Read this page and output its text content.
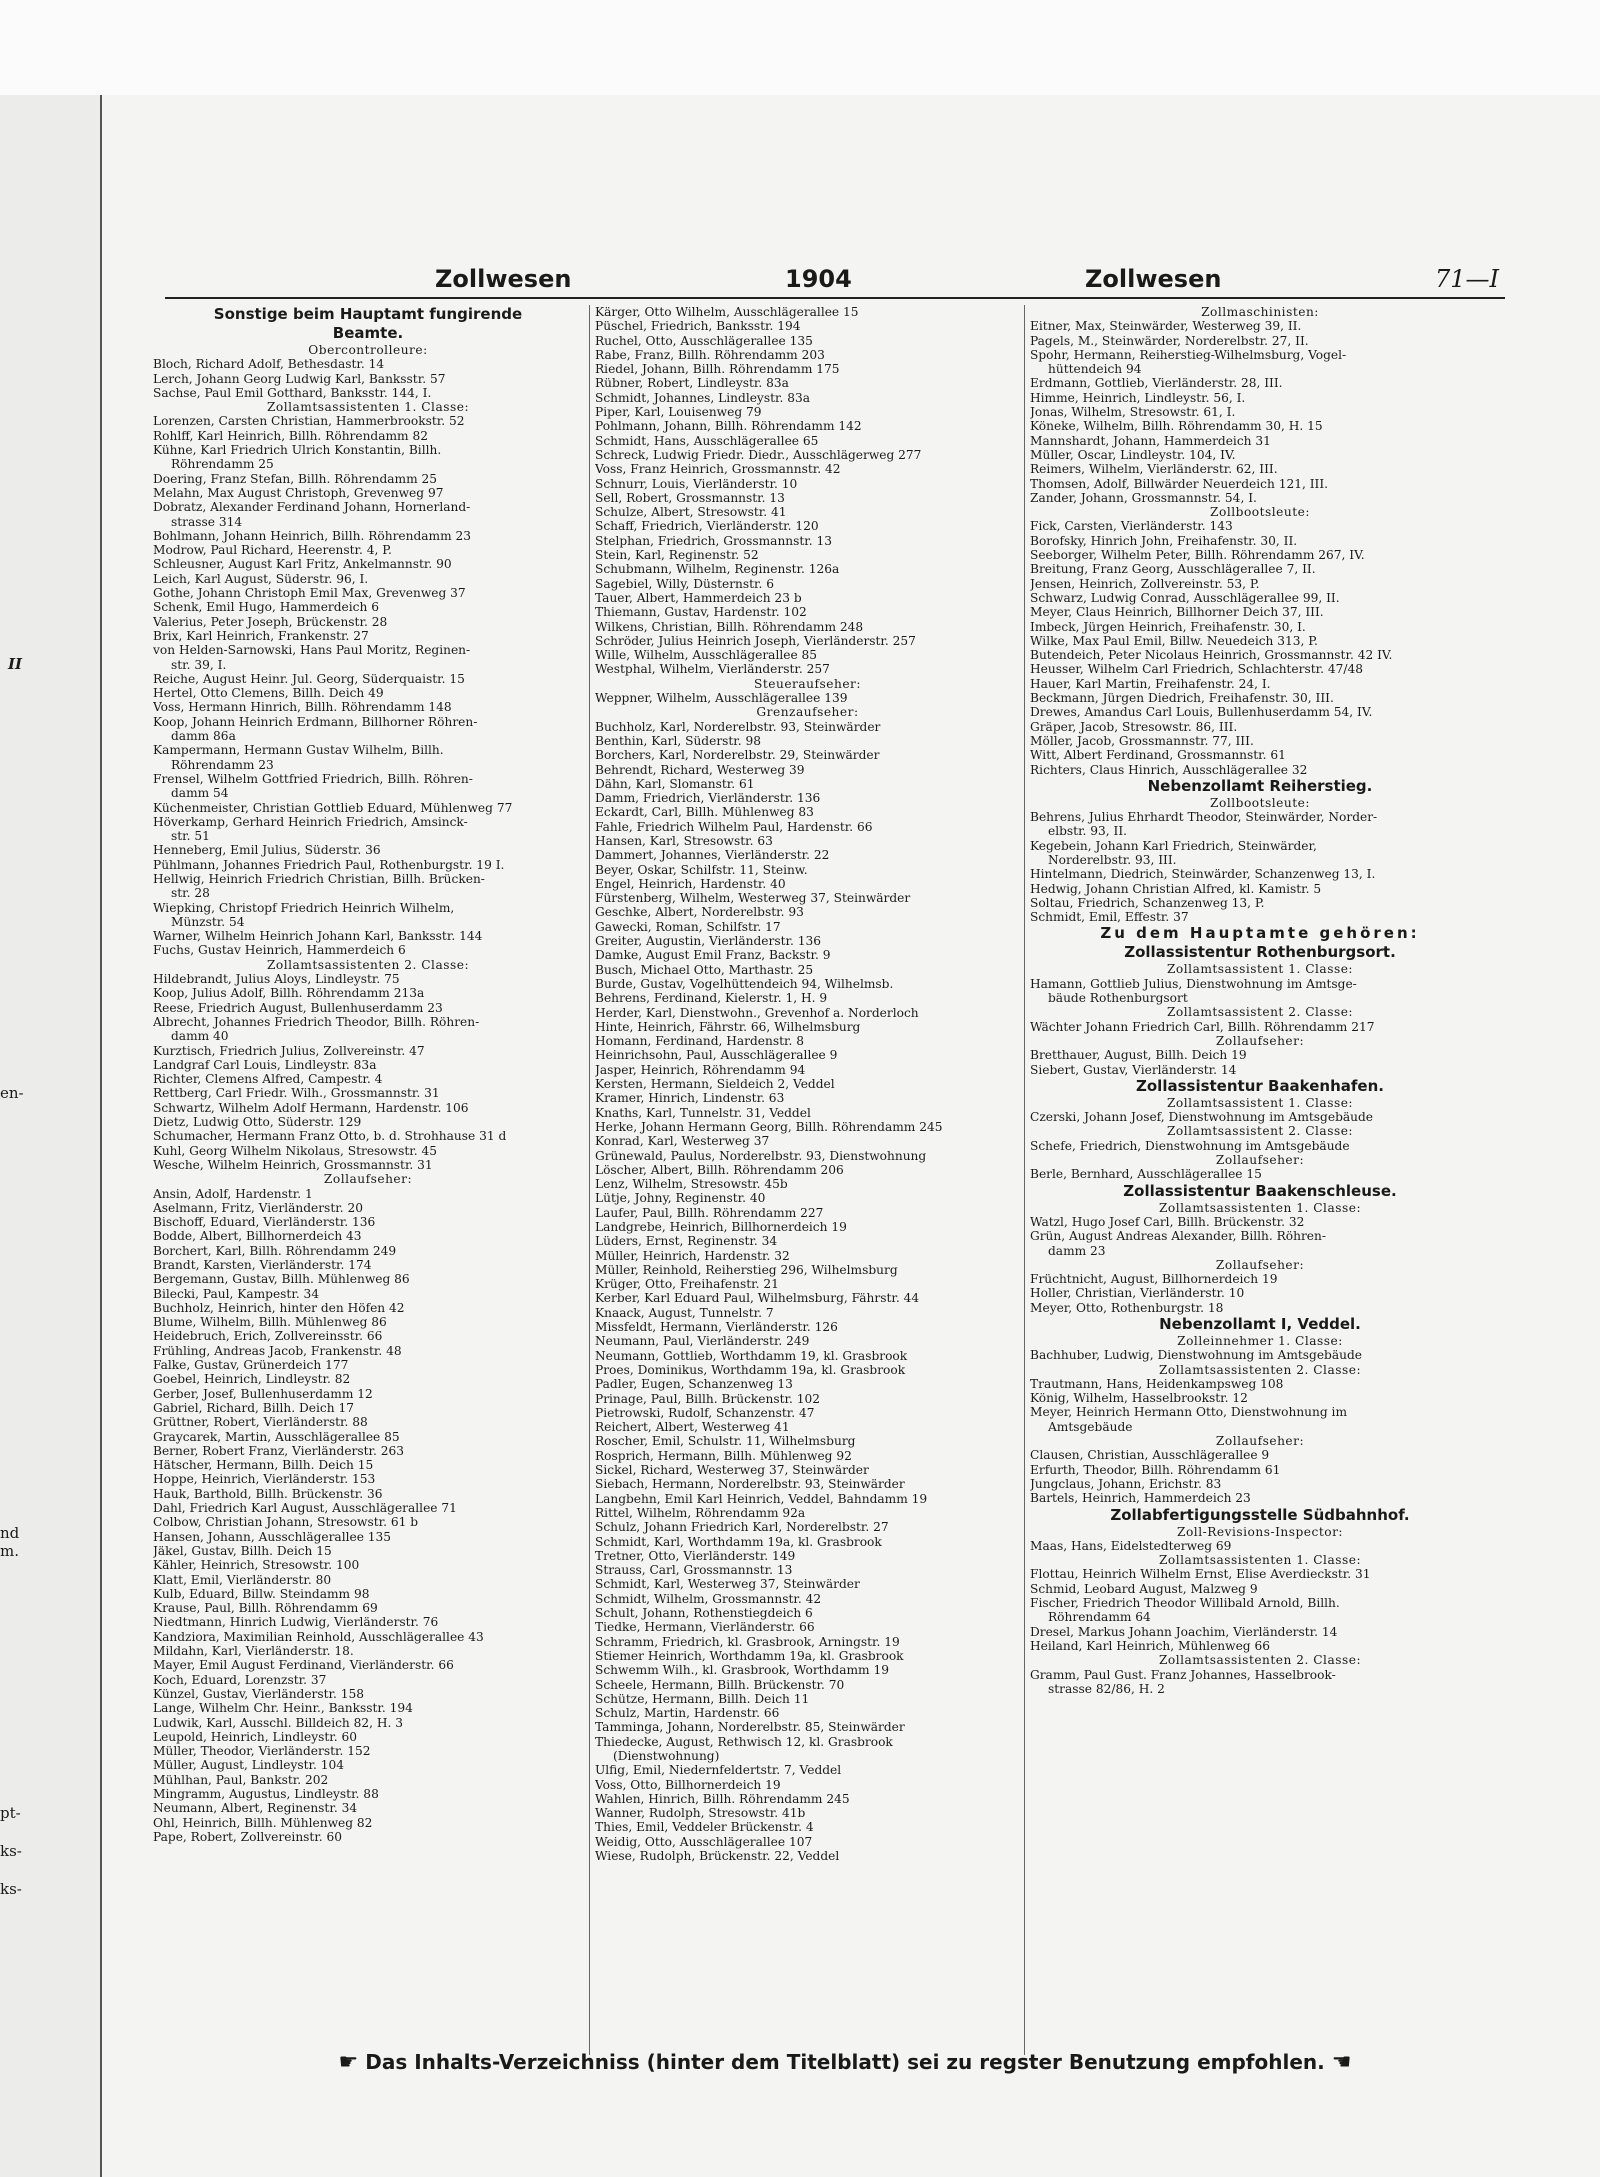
II
en-
nd
m.
pt-
ks-
ks-
Zollwesen	1904	Zollwesen	71—I
Sonstige beim Hauptamt fungirende
Beamte.
Obercontrolleure:
Bloch, Richard Adolf, Bethesdastr. 14
Lerch, Johann Georg Ludwig Karl, Banksstr. 57
Sachse, Paul Emil Gotthard, Banksstr. 144, I.
Zollamtsassistenten 1. Classe:
Lorenzen, Carsten Christian, Hammerbrookstr. 52
Rohlff, Karl Heinrich, Billh. Röhrendamm 82
Kühne, Karl Friedrich Ulrich Konstantin, Billh.
Röhrendamm 25
Doering, Franz Stefan, Billh. Röhrendamm 25
Melahn, Max August Christoph, Grevenweg 97
Dobratz, Alexander Ferdinand Johann, Hornerland-
strasse 314
Bohlmann, Johann Heinrich, Billh. Röhrendamm 23
Modrow, Paul Richard, Heerenstr. 4, P.
Schleusner, August Karl Fritz, Ankelmannstr. 90
Leich, Karl August, Süderstr. 96, I.
Gothe, Johann Christoph Emil Max, Grevenweg 37
Schenk, Emil Hugo, Hammerdeich 6
Valerius, Peter Joseph, Brückenstr. 28
Brix, Karl Heinrich, Frankenstr. 27
von Helden-Sarnowski, Hans Paul Moritz, Reginen-
str. 39, I.
Reiche, August Heinr. Jul. Georg, Süderquaistr. 15
Hertel, Otto Clemens, Billh. Deich 49
Voss, Hermann Hinrich, Billh. Röhrendamm 148
Koop, Johann Heinrich Erdmann, Billhorner Röhren-
damm 86a
Kampermann, Hermann Gustav Wilhelm, Billh.
Röhrendamm 23
Frensel, Wilhelm Gottfried Friedrich, Billh. Röhren-
damm 54
Küchenmeister, Christian Gottlieb Eduard, Mühlenweg 77
Höverkamp, Gerhard Heinrich Friedrich, Amsinck-
str. 51
Henneberg, Emil Julius, Süderstr. 36
Pühlmann, Johannes Friedrich Paul, Rothenburgstr. 19 I.
Hellwig, Heinrich Friedrich Christian, Billh. Brücken-
str. 28
Wiepking, Christopf Friedrich Heinrich Wilhelm,
Münzstr. 54
Warner, Wilhelm Heinrich Johann Karl, Banksstr. 144
Fuchs, Gustav Heinrich, Hammerdeich 6
Zollamtsassistenten 2. Classe:
Hildebrandt, Julius Aloys, Lindleystr. 75
Koop, Julius Adolf, Billh. Röhrendamm 213a
Reese, Friedrich August, Bullenhuserdamm 23
Albrecht, Johannes Friedrich Theodor, Billh. Röhren-
damm 40
Kurztisch, Friedrich Julius, Zollvereinstr. 47
Landgraf Carl Louis, Lindleystr. 83a
Richter, Clemens Alfred, Campestr. 4
Rettberg, Carl Friedr. Wilh., Grossmannstr. 31
Schwartz, Wilhelm Adolf Hermann, Hardenstr. 106
Dietz, Ludwig Otto, Süderstr. 129
Schumacher, Hermann Franz Otto, b. d. Strohhause 31 d
Kuhl, Georg Wilhelm Nikolaus, Stresowstr. 45
Wesche, Wilhelm Heinrich, Grossmannstr. 31
Zollaufseher:
Ansin, Adolf, Hardenstr. 1
Aselmann, Fritz, Vierländerstr. 20
Bischoff, Eduard, Vierländerstr. 136
Bodde, Albert, Billhornerdeich 43
Borchert, Karl, Billh. Röhrendamm 249
Brandt, Karsten, Vierländerstr. 174
Bergemann, Gustav, Billh. Mühlenweg 86
Bilecki, Paul, Kampestr. 34
Buchholz, Heinrich, hinter den Höfen 42
Blume, Wilhelm, Billh. Mühlenweg 86
Heidebruch, Erich, Zollvereinsstr. 66
Frühling, Andreas Jacob, Frankenstr. 48
Falke, Gustav, Grünerdeich 177
Goebel, Heinrich, Lindleystr. 82
Gerber, Josef, Bullenhuserdamm 12
Gabriel, Richard, Billh. Deich 17
Grüttner, Robert, Vierländerstr. 88
Graycarek, Martin, Ausschlägerallee 85
Berner, Robert Franz, Vierländerstr. 263
Hätscher, Hermann, Billh. Deich 15
Hoppe, Heinrich, Vierländerstr. 153
Hauk, Barthold, Billh. Brückenstr. 36
Dahl, Friedrich Karl August, Ausschlägerallee 71
Colbow, Christian Johann, Stresowstr. 61 b
Hansen, Johann, Ausschlägerallee 135
Jäkel, Gustav, Billh. Deich 15
Kähler, Heinrich, Stresowstr. 100
Klatt, Emil, Vierländerstr. 80
Kulb, Eduard, Billw. Steindamm 98
Krause, Paul, Billh. Röhrendamm 69
Niedtmann, Hinrich Ludwig, Vierländerstr. 76
Kandziora, Maximilian Reinhold, Ausschlägerallee 43
Mildahn, Karl, Vierländerstr. 18.
Mayer, Emil August Ferdinand, Vierländerstr. 66
Koch, Eduard, Lorenzstr. 37
Künzel, Gustav, Vierländerstr. 158
Lange, Wilhelm Chr. Heinr., Banksstr. 194
Ludwik, Karl, Ausschl. Billdeich 82, H. 3
Leupold, Heinrich, Lindleystr. 60
Müller, Theodor, Vierländerstr. 152
Müller, August, Lindleystr. 104
Mühlhan, Paul, Bankstr. 202
Mingramm, Augustus, Lindleystr. 88
Neumann, Albert, Reginenstr. 34
Ohl, Heinrich, Billh. Mühlenweg 82
Pape, Robert, Zollvereinstr. 60
Kärger, Otto Wilhelm, Ausschlägerallee 15
Püschel, Friedrich, Banksstr. 194
Ruchel, Otto, Ausschlägerallee 135
Rabe, Franz, Billh. Röhrendamm 203
Riedel, Johann, Billh. Röhrendamm 175
Rübner, Robert, Lindleystr. 83a
Schmidt, Johannes, Lindleystr. 83a
Piper, Karl, Louisenweg 79
Pohlmann, Johann, Billh. Röhrendamm 142
Schmidt, Hans, Ausschlägerallee 65
Schreck, Ludwig Friedr. Diedr., Ausschlägerweg 277
Voss, Franz Heinrich, Grossmannstr. 42
Schnurr, Louis, Vierländerstr. 10
Sell, Robert, Grossmannstr. 13
Schulze, Albert, Stresowstr. 41
Schaff, Friedrich, Vierländerstr. 120
Stelphan, Friedrich, Grossmannstr. 13
Stein, Karl, Reginenstr. 52
Schubmann, Wilhelm, Reginenstr. 126a
Sagebiel, Willy, Düsternstr. 6
Tauer, Albert, Hammerdeich 23 b
Thiemann, Gustav, Hardenstr. 102
Wilkens, Christian, Billh. Röhrendamm 248
Schröder, Julius Heinrich Joseph, Vierländerstr. 257
Wille, Wilhelm, Ausschlägerallee 85
Westphal, Wilhelm, Vierländerstr. 257
Steueraufseher:
Weppner, Wilhelm, Ausschlägerallee 139
Grenzaufseher:
Buchholz, Karl, Norderelbstr. 93, Steinwärder
Benthin, Karl, Süderstr. 98
Borchers, Karl, Norderelbstr. 29, Steinwärder
Behrendt, Richard, Westerweg 39
Dähn, Karl, Slomanstr. 61
Damm, Friedrich, Vierländerstr. 136
Eckardt, Carl, Billh. Mühlenweg 83
Fahle, Friedrich Wilhelm Paul, Hardenstr. 66
Hansen, Karl, Stresowstr. 63
Dammert, Johannes, Vierländerstr. 22
Beyer, Oskar, Schilfstr. 11, Steinw.
Engel, Heinrich, Hardenstr. 40
Fürstenberg, Wilhelm, Westerweg 37, Steinwärder
Geschke, Albert, Norderelbstr. 93
Gawecki, Roman, Schilfstr. 17
Greiter, Augustin, Vierländerstr. 136
Damke, August Emil Franz, Backstr. 9
Busch, Michael Otto, Marthastr. 25
Burde, Gustav, Vogelhüttendeich 94, Wilhelmsb.
Behrens, Ferdinand, Kielerstr. 1, H. 9
Herder, Karl, Dienstwohn., Grevenhof a. Norderloch
Hinte, Heinrich, Fährstr. 66, Wilhelmsburg
Homann, Ferdinand, Hardenstr. 8
Heinrichsohn, Paul, Ausschlägerallee 9
Jasper, Heinrich, Röhrendamm 94
Kersten, Hermann, Sieldeich 2, Veddel
Kramer, Hinrich, Lindenstr. 63
Knaths, Karl, Tunnelstr. 31, Veddel
Herke, Johann Hermann Georg, Billh. Röhrendamm 245
Konrad, Karl, Westerweg 37
Grünewald, Paulus, Norderelbstr. 93, Dienstwohnung
Löscher, Albert, Billh. Röhrendamm 206
Lenz, Wilhelm, Stresowstr. 45b
Lütje, Johny, Reginenstr. 40
Laufer, Paul, Billh. Röhrendamm 227
Landgrebe, Heinrich, Billhornerdeich 19
Lüders, Ernst, Reginenstr. 34
Müller, Heinrich, Hardenstr. 32
Müller, Reinhold, Reiherstieg 296, Wilhelmsburg
Krüger, Otto, Freihafenstr. 21
Kerber, Karl Eduard Paul, Wilhelmsburg, Fährstr. 44
Knaack, August, Tunnelstr. 7
Missfeldt, Hermann, Vierländerstr. 126
Neumann, Paul, Vierländerstr. 249
Neumann, Gottlieb, Worthdamm 19, kl. Grasbrook
Proes, Dominikus, Worthdamm 19a, kl. Grasbrook
Padler, Eugen, Schanzenweg 13
Prinage, Paul, Billh. Brückenstr. 102
Pietrowski, Rudolf, Schanzenstr. 47
Reichert, Albert, Westerweg 41
Roscher, Emil, Schulstr. 11, Wilhelmsburg
Rosprich, Hermann, Billh. Mühlenweg 92
Sickel, Richard, Westerweg 37, Steinwärder
Siebach, Hermann, Norderelbstr. 93, Steinwärder
Langbehn, Emil Karl Heinrich, Veddel, Bahndamm 19
Rittel, Wilhelm, Röhrendamm 92a
Schulz, Johann Friedrich Karl, Norderelbstr. 27
Schmidt, Karl, Worthdamm 19a, kl. Grasbrook
Tretner, Otto, Vierländerstr. 149
Strauss, Carl, Grossmannstr. 13
Schmidt, Karl, Westerweg 37, Steinwärder
Schmidt, Wilhelm, Grossmannstr. 42
Schult, Johann, Rothenstiegdeich 6
Tiedke, Hermann, Vierländerstr. 66
Schramm, Friedrich, kl. Grasbrook, Arningstr. 19
Stiemer Heinrich, Worthdamm 19a, kl. Grasbrook
Schwemm Wilh., kl. Grasbrook, Worthdamm 19
Scheele, Hermann, Billh. Brückenstr. 70
Schütze, Hermann, Billh. Deich 11
Schulz, Martin, Hardenstr. 66
Tamminga, Johann, Norderelbstr. 85, Steinwärder
Thiedecke, August, Rethwisch 12, kl. Grasbrook
(Dienstwohnung)
Ulfig, Emil, Niedernfeldertstr. 7, Veddel
Voss, Otto, Billhornerdeich 19
Wahlen, Hinrich, Billh. Röhrendamm 245
Wanner, Rudolph, Stresowstr. 41b
Thies, Emil, Veddeler Brückenstr. 4
Weidig, Otto, Ausschlägerallee 107
Wiese, Rudolph, Brückenstr. 22, Veddel
Zollmaschinisten:
Eitner, Max, Steinwärder, Westerweg 39, II.
Pagels, M., Steinwärder, Norderelbstr. 27, II.
Spohr, Hermann, Reiherstieg-Wilhelmsburg, Vogel-
hüttendeich 94
Erdmann, Gottlieb, Vierländerstr. 28, III.
Himme, Heinrich, Lindleystr. 56, I.
Jonas, Wilhelm, Stresowstr. 61, I.
Köneke, Wilhelm, Billh. Röhrendamm 30, H. 15
Mannshardt, Johann, Hammerdeich 31
Müller, Oscar, Lindleystr. 104, IV.
Reimers, Wilhelm, Vierländerstr. 62, III.
Thomsen, Adolf, Billwärder Neuerdeich 121, III.
Zander, Johann, Grossmannstr. 54, I.
Zollbootsleute:
Fick, Carsten, Vierländerstr. 143
Borofsky, Hinrich John, Freihafenstr. 30, II.
Seeborger, Wilhelm Peter, Billh. Röhrendamm 267, IV.
Breitung, Franz Georg, Ausschlägerallee 7, II.
Jensen, Heinrich, Zollvereinstr. 53, P.
Schwarz, Ludwig Conrad, Ausschlägerallee 99, II.
Meyer, Claus Heinrich, Billhorner Deich 37, III.
Imbeck, Jürgen Heinrich, Freihafenstr. 30, I.
Wilke, Max Paul Emil, Billw. Neuedeich 313, P.
Butendeich, Peter Nicolaus Heinrich, Grossmannstr. 42 IV.
Heusser, Wilhelm Carl Friedrich, Schlachterstr. 47/48
Hauer, Karl Martin, Freihafenstr. 24, I.
Beckmann, Jürgen Diedrich, Freihafenstr. 30, III.
Drewes, Amandus Carl Louis, Bullenhuserdamm 54, IV.
Gräper, Jacob, Stresowstr. 86, III.
Möller, Jacob, Grossmannstr. 77, III.
Witt, Albert Ferdinand, Grossmannstr. 61
Richters, Claus Hinrich, Ausschlägerallee 32
Nebenzollamt Reiherstieg.
Zollbootsleute:
Behrens, Julius Ehrhardt Theodor, Steinwärder, Norder-
elbstr. 93, II.
Kegebein, Johann Karl Friedrich, Steinwärder,
Norderelbstr. 93, III.
Hintelmann, Diedrich, Steinwärder, Schanzenweg 13, I.
Hedwig, Johann Christian Alfred, kl. Kamistr. 5
Soltau, Friedrich, Schanzenweg 13, P.
Schmidt, Emil, Effestr. 37
Zu dem Hauptamte gehören:
Zollassistentur Rothenburgsort.
Zollamtsassistent 1. Classe:
Hamann, Gottlieb Julius, Dienstwohnung im Amtsge-
bäude Rothenburgsort
Zollamtsassistent 2. Classe:
Wächter Johann Friedrich Carl, Billh. Röhrendamm 217
Zollaufseher:
Bretthauer, August, Billh. Deich 19
Siebert, Gustav, Vierländerstr. 14
Zollassistentur Baakenhafen.
Zollamtsassistent 1. Classe:
Czerski, Johann Josef, Dienstwohnung im Amtsgebäude
Zollamtsassistent 2. Classe:
Schefe, Friedrich, Dienstwohnung im Amtsgebäude
Zollaufseher:
Berle, Bernhard, Ausschlägerallee 15
Zollassistentur Baakenschleuse.
Zollamtsassistenten 1. Classe:
Watzl, Hugo Josef Carl, Billh. Brückenstr. 32
Grün, August Andreas Alexander, Billh. Röhren-
damm 23
Zollaufseher:
Früchtnicht, August, Billhornerdeich 19
Holler, Christian, Vierländerstr. 10
Meyer, Otto, Rothenburgstr. 18
Nebenzollamt I, Veddel.
Zolleinnehmer 1. Classe:
Bachhuber, Ludwig, Dienstwohnung im Amtsgebäude
Zollamtsassistenten 2. Classe:
Trautmann, Hans, Heidenkampsweg 108
König, Wilhelm, Hasselbrookstr. 12
Meyer, Heinrich Hermann Otto, Dienstwohnung im
Amtsgebäude
Zollaufseher:
Clausen, Christian, Ausschlägerallee 9
Erfurth, Theodor, Billh. Röhrendamm 61
Jungclaus, Johann, Erichstr. 83
Bartels, Heinrich, Hammerdeich 23
Zollabfertigungsstelle Südbahnhof.
Zoll-Revisions-Inspector:
Maas, Hans, Eidelstedterweg 69
Zollamtsassistenten 1. Classe:
Flottau, Heinrich Wilhelm Ernst, Elise Averdieckstr. 31
Schmid, Leobard August, Malzweg 9
Fischer, Friedrich Theodor Willibald Arnold, Billh.
Röhrendamm 64
Dresel, Markus Johann Joachim, Vierländerstr. 14
Heiland, Karl Heinrich, Mühlenweg 66
Zollamtsassistenten 2. Classe:
Gramm, Paul Gust. Franz Johannes, Hasselbrook-
strasse 82/86, H. 2
☛ Das Inhalts-Verzeichniss (hinter dem Titelblatt) sei zu regster Benutzung empfohlen. ☚
